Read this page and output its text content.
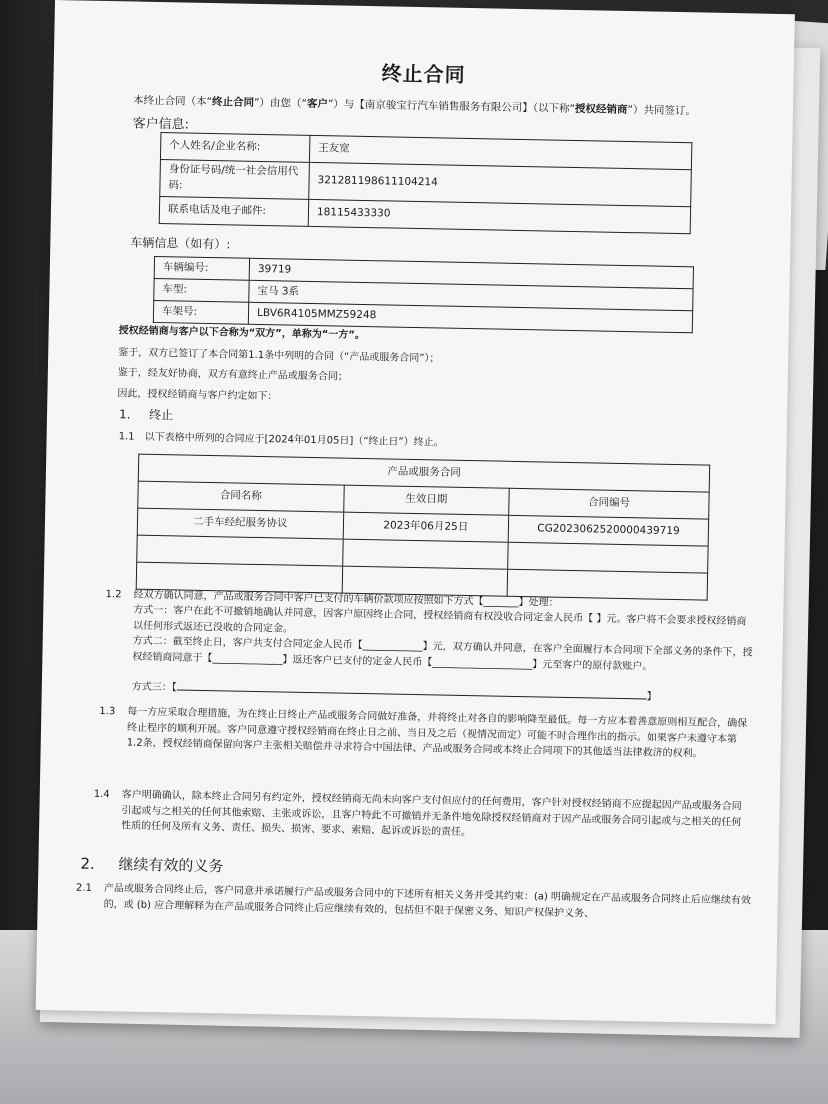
终止合同
本终止合同（本“终止合同”）由您（“客户”）与【南京骏宝行汽车销售服务有限公司】（以下称“授权经销商”）共同签订。
客户信息:
个人姓名/企业名称:	王友宽
身份证号码/统一社会信用代码:	321281198611104214
联系电话及电子邮件:	18115433330
车辆信息（如有）:
车辆编号:	39719
车型:	宝马 3系
车架号:	LBV6R4105MMZ59248
授权经销商与客户以下合称为“双方”，单称为“一方”。
鉴于，双方已签订了本合同第1.1条中列明的合同（“产品或服务合同”）；
鉴于，经友好协商，双方有意终止产品或服务合同；
因此，授权经销商与客户约定如下：
1. 终止
1.1 以下表格中所列的合同应于[2024年01月05日]（“终止日”）终止。
产品或服务合同		
合同名称	生效日期	合同编号
二手车经纪服务协议	2023年06月25日	CG2023062520000439719

1.2 经双方确认同意，产品或服务合同中客户已支付的车辆价款项应按照如下方式【_______】处理：
方式一：客户在此不可撤销地确认并同意，因客户原因终止合同，授权经销商有权没收合同定金人民币【 】元。客户将不会要求授权经销商以任何形式返还已没收的合同定金。
方式二：截至终止日，客户共支付合同定金人民币【____________】元，双方确认并同意，在客户全面履行本合同项下全部义务的条件下，授权经销商同意于【______________】返还客户已支付的定金人民币【____________________】元至客户的原付款账户。
方式三：【】
1.3 每一方应采取合理措施，为在终止日终止产品或服务合同做好准备，并将终止对各自的影响降至最低。每一方应本着善意原则相互配合，确保终止程序的顺利开展。客户同意遵守授权经销商在终止日之前、当日及之后（视情况而定）可能不时合理作出的指示。如果客户未遵守本第1.2条，授权经销商保留向客户主张相关赔偿并寻求符合中国法律、产品或服务合同或本终止合同项下的其他适当法律救济的权利。
1.4 客户明确确认，除本终止合同另有约定外，授权经销商无尚未向客户支付但应付的任何费用，客户针对授权经销商不应提起因产品或服务合同引起或与之相关的任何其他索赔、主张或诉讼，且客户特此不可撤销并无条件地免除授权经销商对于因产品或服务合同引起或与之相关的任何性质的任何及所有义务、责任、损失、损害、要求、索赔、起诉或诉讼的责任。
2. 继续有效的义务
2.1 产品或服务合同终止后，客户同意并承诺履行产品或服务合同中的下述所有相关义务并受其约束：(a) 明确规定在产品或服务合同终止后应继续有效的，或 (b) 应合理解释为在产品或服务合同终止后应继续有效的，包括但不限于保密义务、知识产权保护义务、
